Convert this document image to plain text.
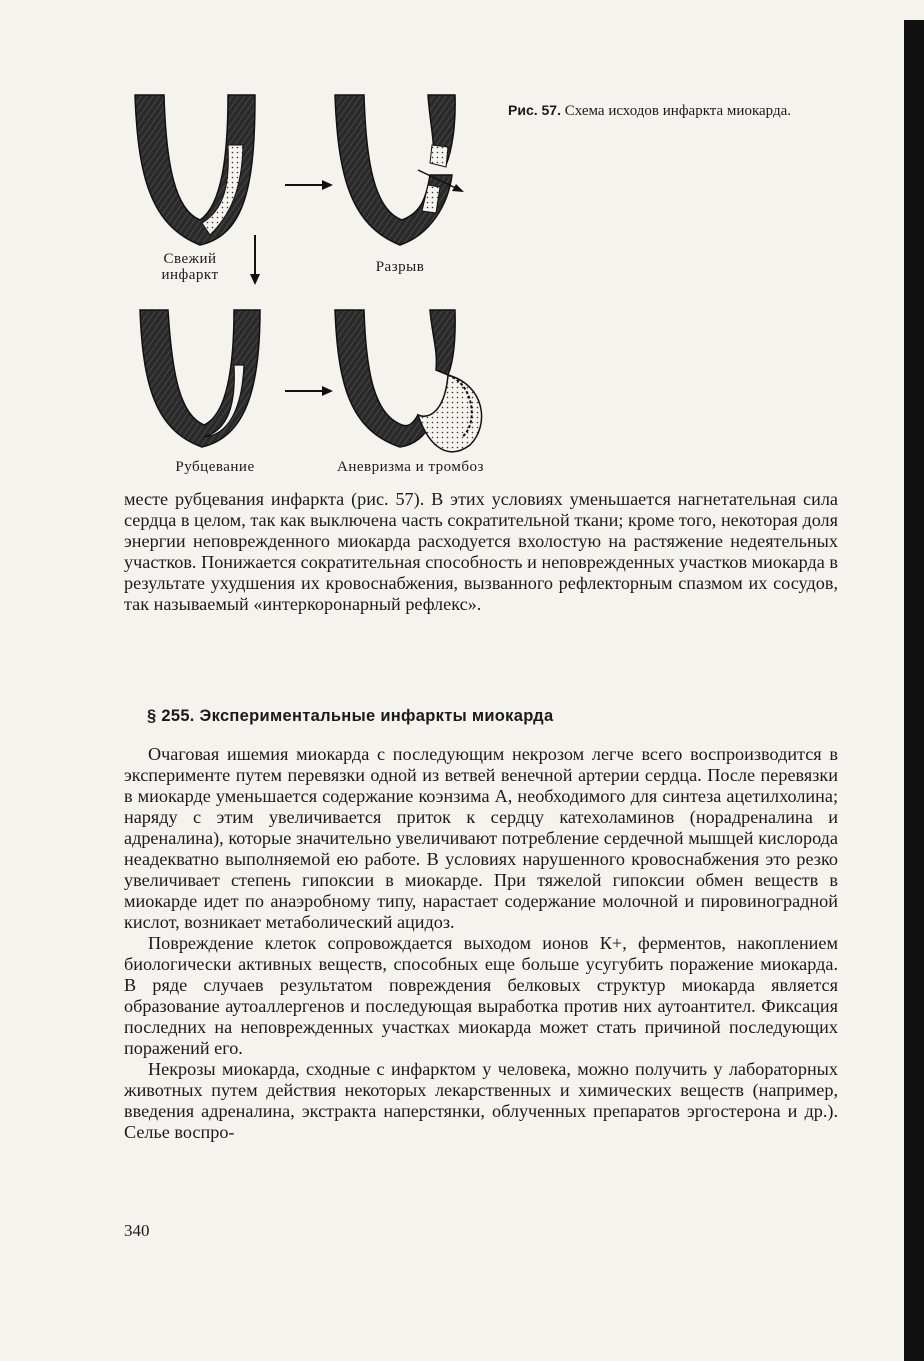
Свежий
инфаркт	Разрыв
Рубцевание	Аневризма и тромбоз
Рис. 57. Схема исходов инфаркта миокарда.

месте рубцевания инфаркта (рис. 57). В этих условиях уменьшается нагнетательная сила сердца в целом, так как выключена часть сократительной ткани; кроме того, некоторая доля энергии неповрежденного миокарда расходуется вхолостую на растяжение недеятельных участков. Понижается сократительная способность и неповрежденных участков миокарда в результате ухудшения их кровоснабжения, вызванного рефлекторным спазмом их сосудов, так называемый «интеркоронарный рефлекс».

§ 255. Экспериментальные инфаркты миокарда

Очаговая ишемия миокарда с последующим некрозом легче всего воспроизводится в эксперименте путем перевязки одной из ветвей венечной артерии сердца. После перевязки в миокарде уменьшается содержание коэнзима А, необходимого для синтеза ацетилхолина; наряду с этим увеличивается приток к сердцу катехоламинов (норадреналина и адреналина), которые значительно увеличивают потребление сердечной мышцей кислорода неадекватно выполняемой ею работе. В условиях нарушенного кровоснабжения это резко увеличивает степень гипоксии в миокарде. При тяжелой гипоксии обмен веществ в миокарде идет по анаэробному типу, нарастает содержание молочной и пировиноградной кислот, возникает метаболический ацидоз.

Повреждение клеток сопровождается выходом ионов К+, ферментов, накоплением биологически активных веществ, способных еще больше усугубить поражение миокарда. В ряде случаев результатом повреждения белковых структур миокарда является образование аутоаллергенов и последующая выработка против них аутоантител. Фиксация последних на неповрежденных участках миокарда может стать причиной последующих поражений его.

Некрозы миокарда, сходные с инфарктом у человека, можно получить у лабораторных животных путем действия некоторых лекарственных и химических веществ (например, введения адреналина, экстракта наперстянки, облученных препаратов эргостерона и др.). Селье воспро-

340
